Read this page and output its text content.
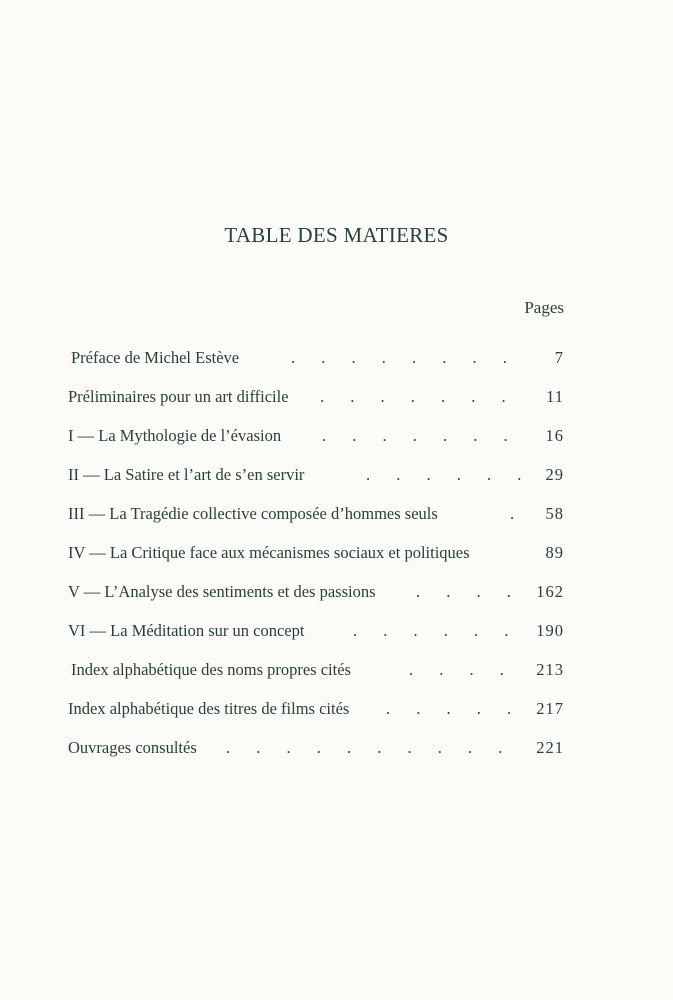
TABLE DES MATIERES
Pages
Préface de Michel Estève	. . . . . . . . 7
Préliminaires pour un art difficile . . . . . . . 11
I — La Mythologie de l’évasion . . . . . . . 16
II — La Satire et l’art de s’en servir	. . . . . . 29
III — La Tragédie collective composée d’hommes seuls	. 58
IV — La Critique face aux mécanismes sociaux et politiques	89
V — L’Analyse des sentiments et des passions . . . . 162
VI — La Méditation sur un concept	. . . . . . 190
Index alphabétique des noms propres cités	. . . . 213
Index alphabétique des titres de films cités . . . . . 217
Ouvrages consultés . . . . . . . . . . 221
